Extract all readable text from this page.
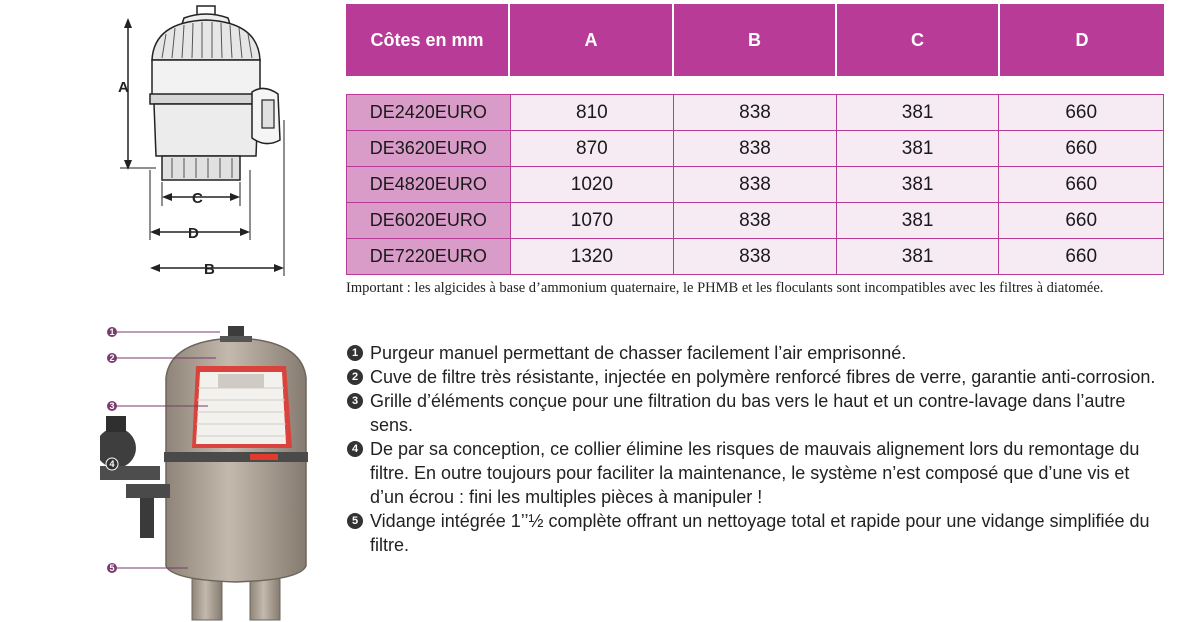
A
C
D
B
Côtes en mm	A	B	C	D
DE2420EURO	810	838	381	660
DE3620EURO	870	838	381	660
DE4820EURO	1020	838	381	660
DE6020EURO	1070	838	381	660
DE7220EURO	1320	838	381	660
Important : les algicides à base d’ammonium quaternaire, le PHMB et les floculants sont incompatibles avec les filtres à diatomée.
1
2
3
4
5
1 Purgeur manuel permettant de chasser facilement l’air emprisonné.
2 Cuve de filtre très résistante, injectée en polymère renforcé fibres de verre, garantie anti-corrosion.
3 Grille d’éléments conçue pour une filtration du bas vers le haut et un contre-lavage dans l’autre sens.
4 De par sa conception, ce collier élimine les risques de mauvais alignement lors du remontage du filtre. En outre toujours pour faciliter la maintenance, le système n’est composé que d’une vis et d’un écrou : fini les multiples pièces à manipuler !
5 Vidange intégrée 1’’½ complète offrant un nettoyage total et rapide pour une vidange simplifiée du filtre.
